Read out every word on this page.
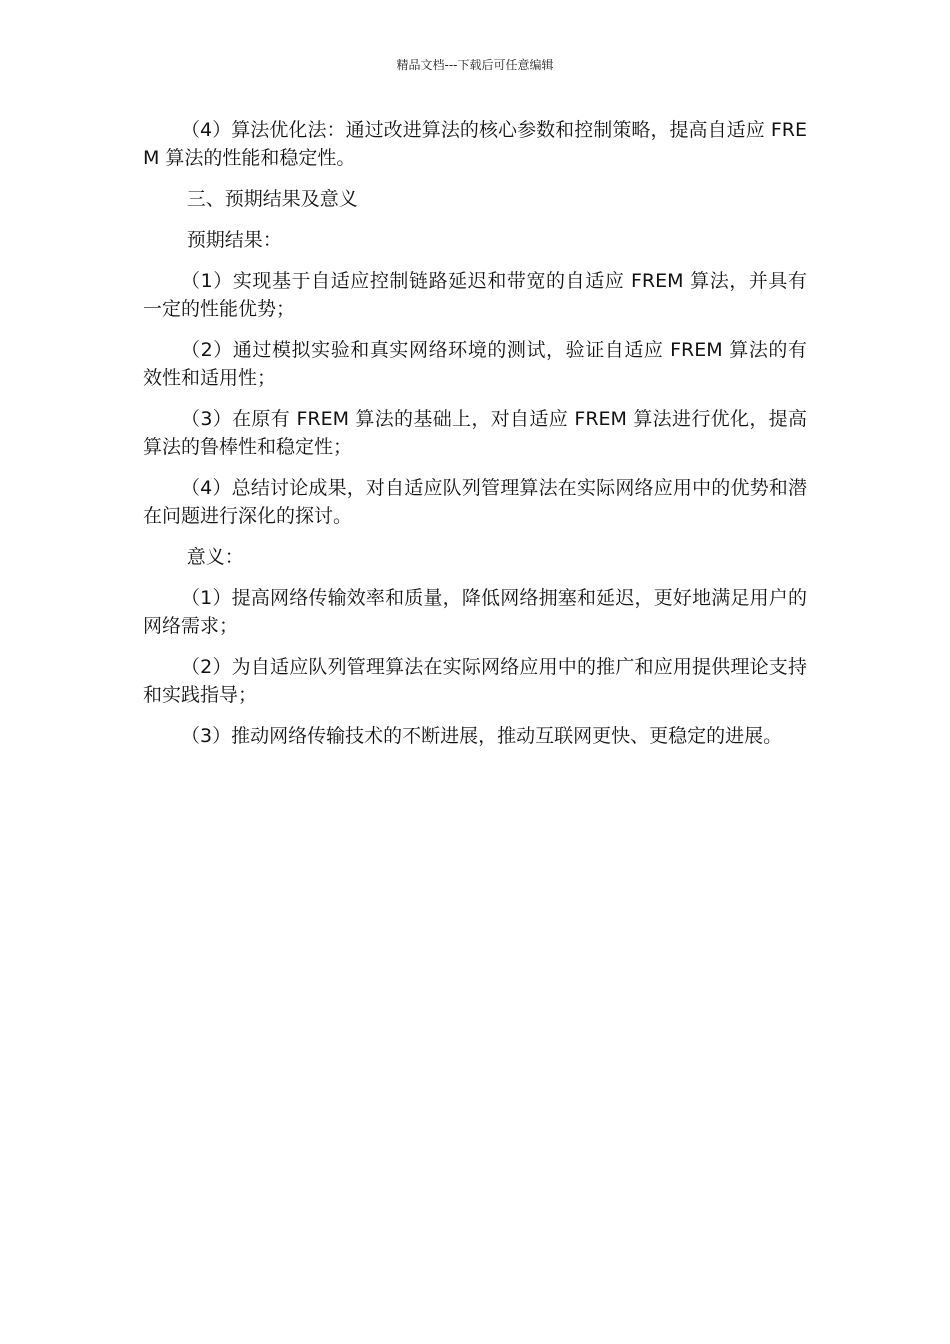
精品文档---下载后可任意编辑

（4）算法优化法：通过改进算法的核心参数和控制策略，提高自适应 FREM 算法的性能和稳定性。

三、预期结果及意义

预期结果：

（1）实现基于自适应控制链路延迟和带宽的自适应 FREM 算法，并具有一定的性能优势；

（2）通过模拟实验和真实网络环境的测试，验证自适应 FREM 算法的有效性和适用性；

（3）在原有 FREM 算法的基础上，对自适应 FREM 算法进行优化，提高算法的鲁棒性和稳定性；

（4）总结讨论成果，对自适应队列管理算法在实际网络应用中的优势和潜在问题进行深化的探讨。

意义：

（1）提高网络传输效率和质量，降低网络拥塞和延迟，更好地满足用户的网络需求；

（2）为自适应队列管理算法在实际网络应用中的推广和应用提供理论支持和实践指导；

（3）推动网络传输技术的不断进展，推动互联网更快、更稳定的进展。
